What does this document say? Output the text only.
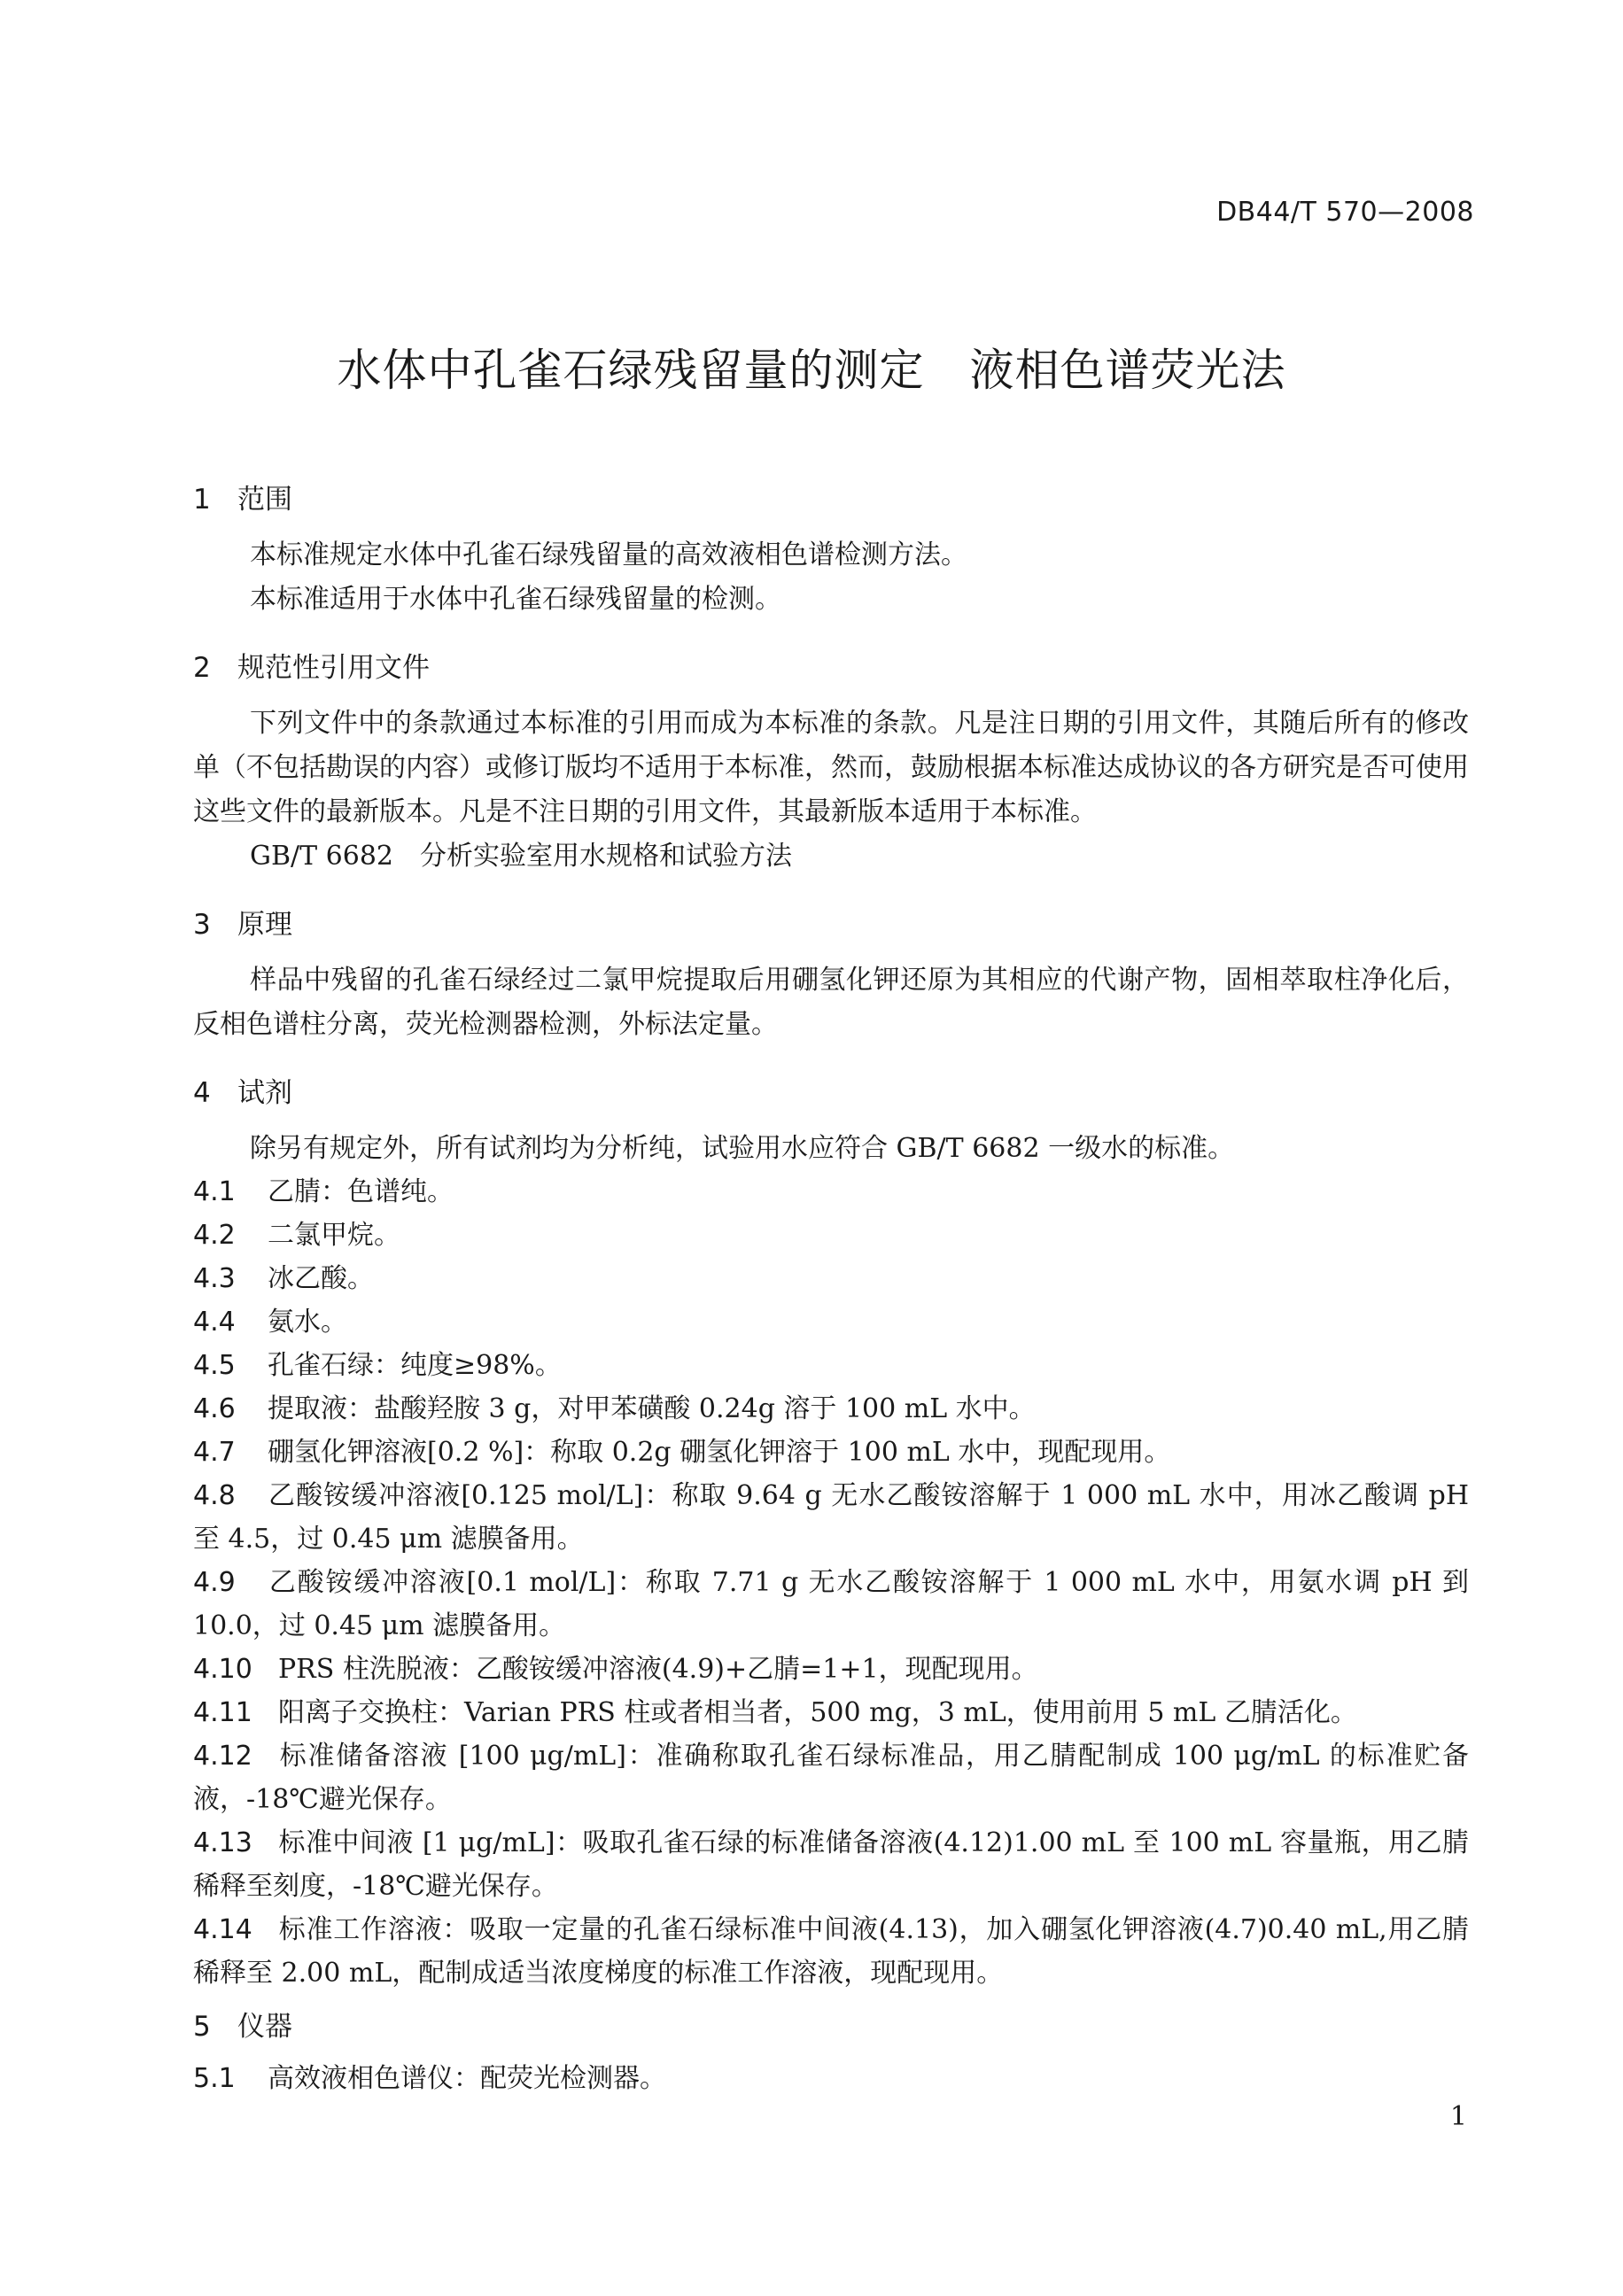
DB44/T 570—2008
水体中孔雀石绿残留量的测定　液相色谱荧光法
1 范围
本标准规定水体中孔雀石绿残留量的高效液相色谱检测方法。
本标准适用于水体中孔雀石绿残留量的检测。
2 规范性引用文件
下列文件中的条款通过本标准的引用而成为本标准的条款。凡是注日期的引用文件，其随后所有的修改单（不包括勘误的内容）或修订版均不适用于本标准，然而，鼓励根据本标准达成协议的各方研究是否可使用这些文件的最新版本。凡是不注日期的引用文件，其最新版本适用于本标准。
GB/T 6682　分析实验室用水规格和试验方法
3 原理
样品中残留的孔雀石绿经过二氯甲烷提取后用硼氢化钾还原为其相应的代谢产物，固相萃取柱净化后，反相色谱柱分离，荧光检测器检测，外标法定量。
4 试剂
除另有规定外，所有试剂均为分析纯，试验用水应符合 GB/T 6682 一级水的标准。
4.1 乙腈：色谱纯。
4.2 二氯甲烷。
4.3 冰乙酸。
4.4 氨水。
4.5 孔雀石绿：纯度≥98%。
4.6 提取液：盐酸羟胺 3 g，对甲苯磺酸 0.24g 溶于 100 mL 水中。
4.7 硼氢化钾溶液[0.2 %]：称取 0.2g 硼氢化钾溶于 100 mL 水中，现配现用。
4.8 乙酸铵缓冲溶液[0.125 mol/L]：称取 9.64 g 无水乙酸铵溶解于 1 000 mL 水中，用冰乙酸调 pH 至 4.5，过 0.45 μm 滤膜备用。
4.9 乙酸铵缓冲溶液[0.1 mol/L]：称取 7.71 g 无水乙酸铵溶解于 1 000 mL 水中，用氨水调 pH 到 10.0，过 0.45 μm 滤膜备用。
4.10 PRS 柱洗脱液：乙酸铵缓冲溶液(4.9)+乙腈=1+1，现配现用。
4.11 阳离子交换柱：Varian PRS 柱或者相当者，500 mg，3 mL，使用前用 5 mL 乙腈活化。
4.12 标准储备溶液 [100 μg/mL]：准确称取孔雀石绿标准品，用乙腈配制成 100 μg/mL 的标准贮备液，-18℃避光保存。
4.13 标准中间液 [1 μg/mL]：吸取孔雀石绿的标准储备溶液(4.12)1.00 mL 至 100 mL 容量瓶，用乙腈稀释至刻度，-18℃避光保存。
4.14 标准工作溶液：吸取一定量的孔雀石绿标准中间液(4.13)，加入硼氢化钾溶液(4.7)0.40 mL,用乙腈稀释至 2.00 mL，配制成适当浓度梯度的标准工作溶液，现配现用。
5 仪器
5.1 高效液相色谱仪：配荧光检测器。
1
